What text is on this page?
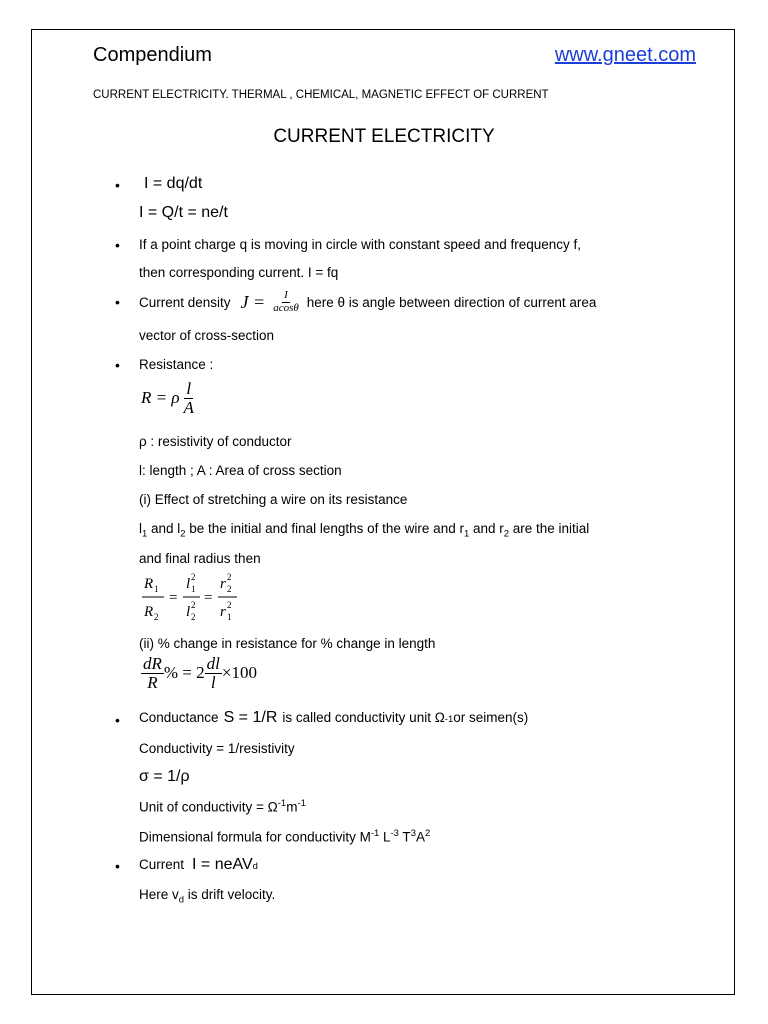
Compendium	www.gneet.com
CURRENT ELECTRICITY. THERMAL , CHEMICAL, MAGNETIC EFFECT OF CURRENT
CURRENT ELECTRICITY
• I = dq/dt
I = Q/t = ne/t
• If a point charge q is moving in circle with constant speed and frequency f,
then corresponding current. I = fq
• Current density $J = \frac{I}{acos\theta}$ here θ is angle between direction of current area
vector of cross-section
• Resistance :
R = ρ $\frac{l}{A}$
ρ : resistivity of conductor
l: length ; A : Area of cross section
(i) Effect of stretching a wire on its resistance
$l_1$ and $l_2$ be the initial and final lengths of the wire and $r_1$ and $r_2$ are the initial
and final radius then
R 1
R 2
=
l 1
2
l 2
2 =
r 2
2
r 1
2
(ii) % change in resistance for % change in length
$\frac{dR}{R}$ % = $2 \frac{dl}{l} \times 100$
• Conductance S = 1/R is called conductivity unit Ω -1 or seimen(s)
Conductivity = 1/resistivity
σ = 1/ρ
Unit of conductivity = $\Omega^{-1}m^{-1}$
Dimensional formula for conductivity $M^{-1}$ $L^{-3}$ $T^3A^2$
• Current I = neAV d
Here $v_d$ is drift velocity.
